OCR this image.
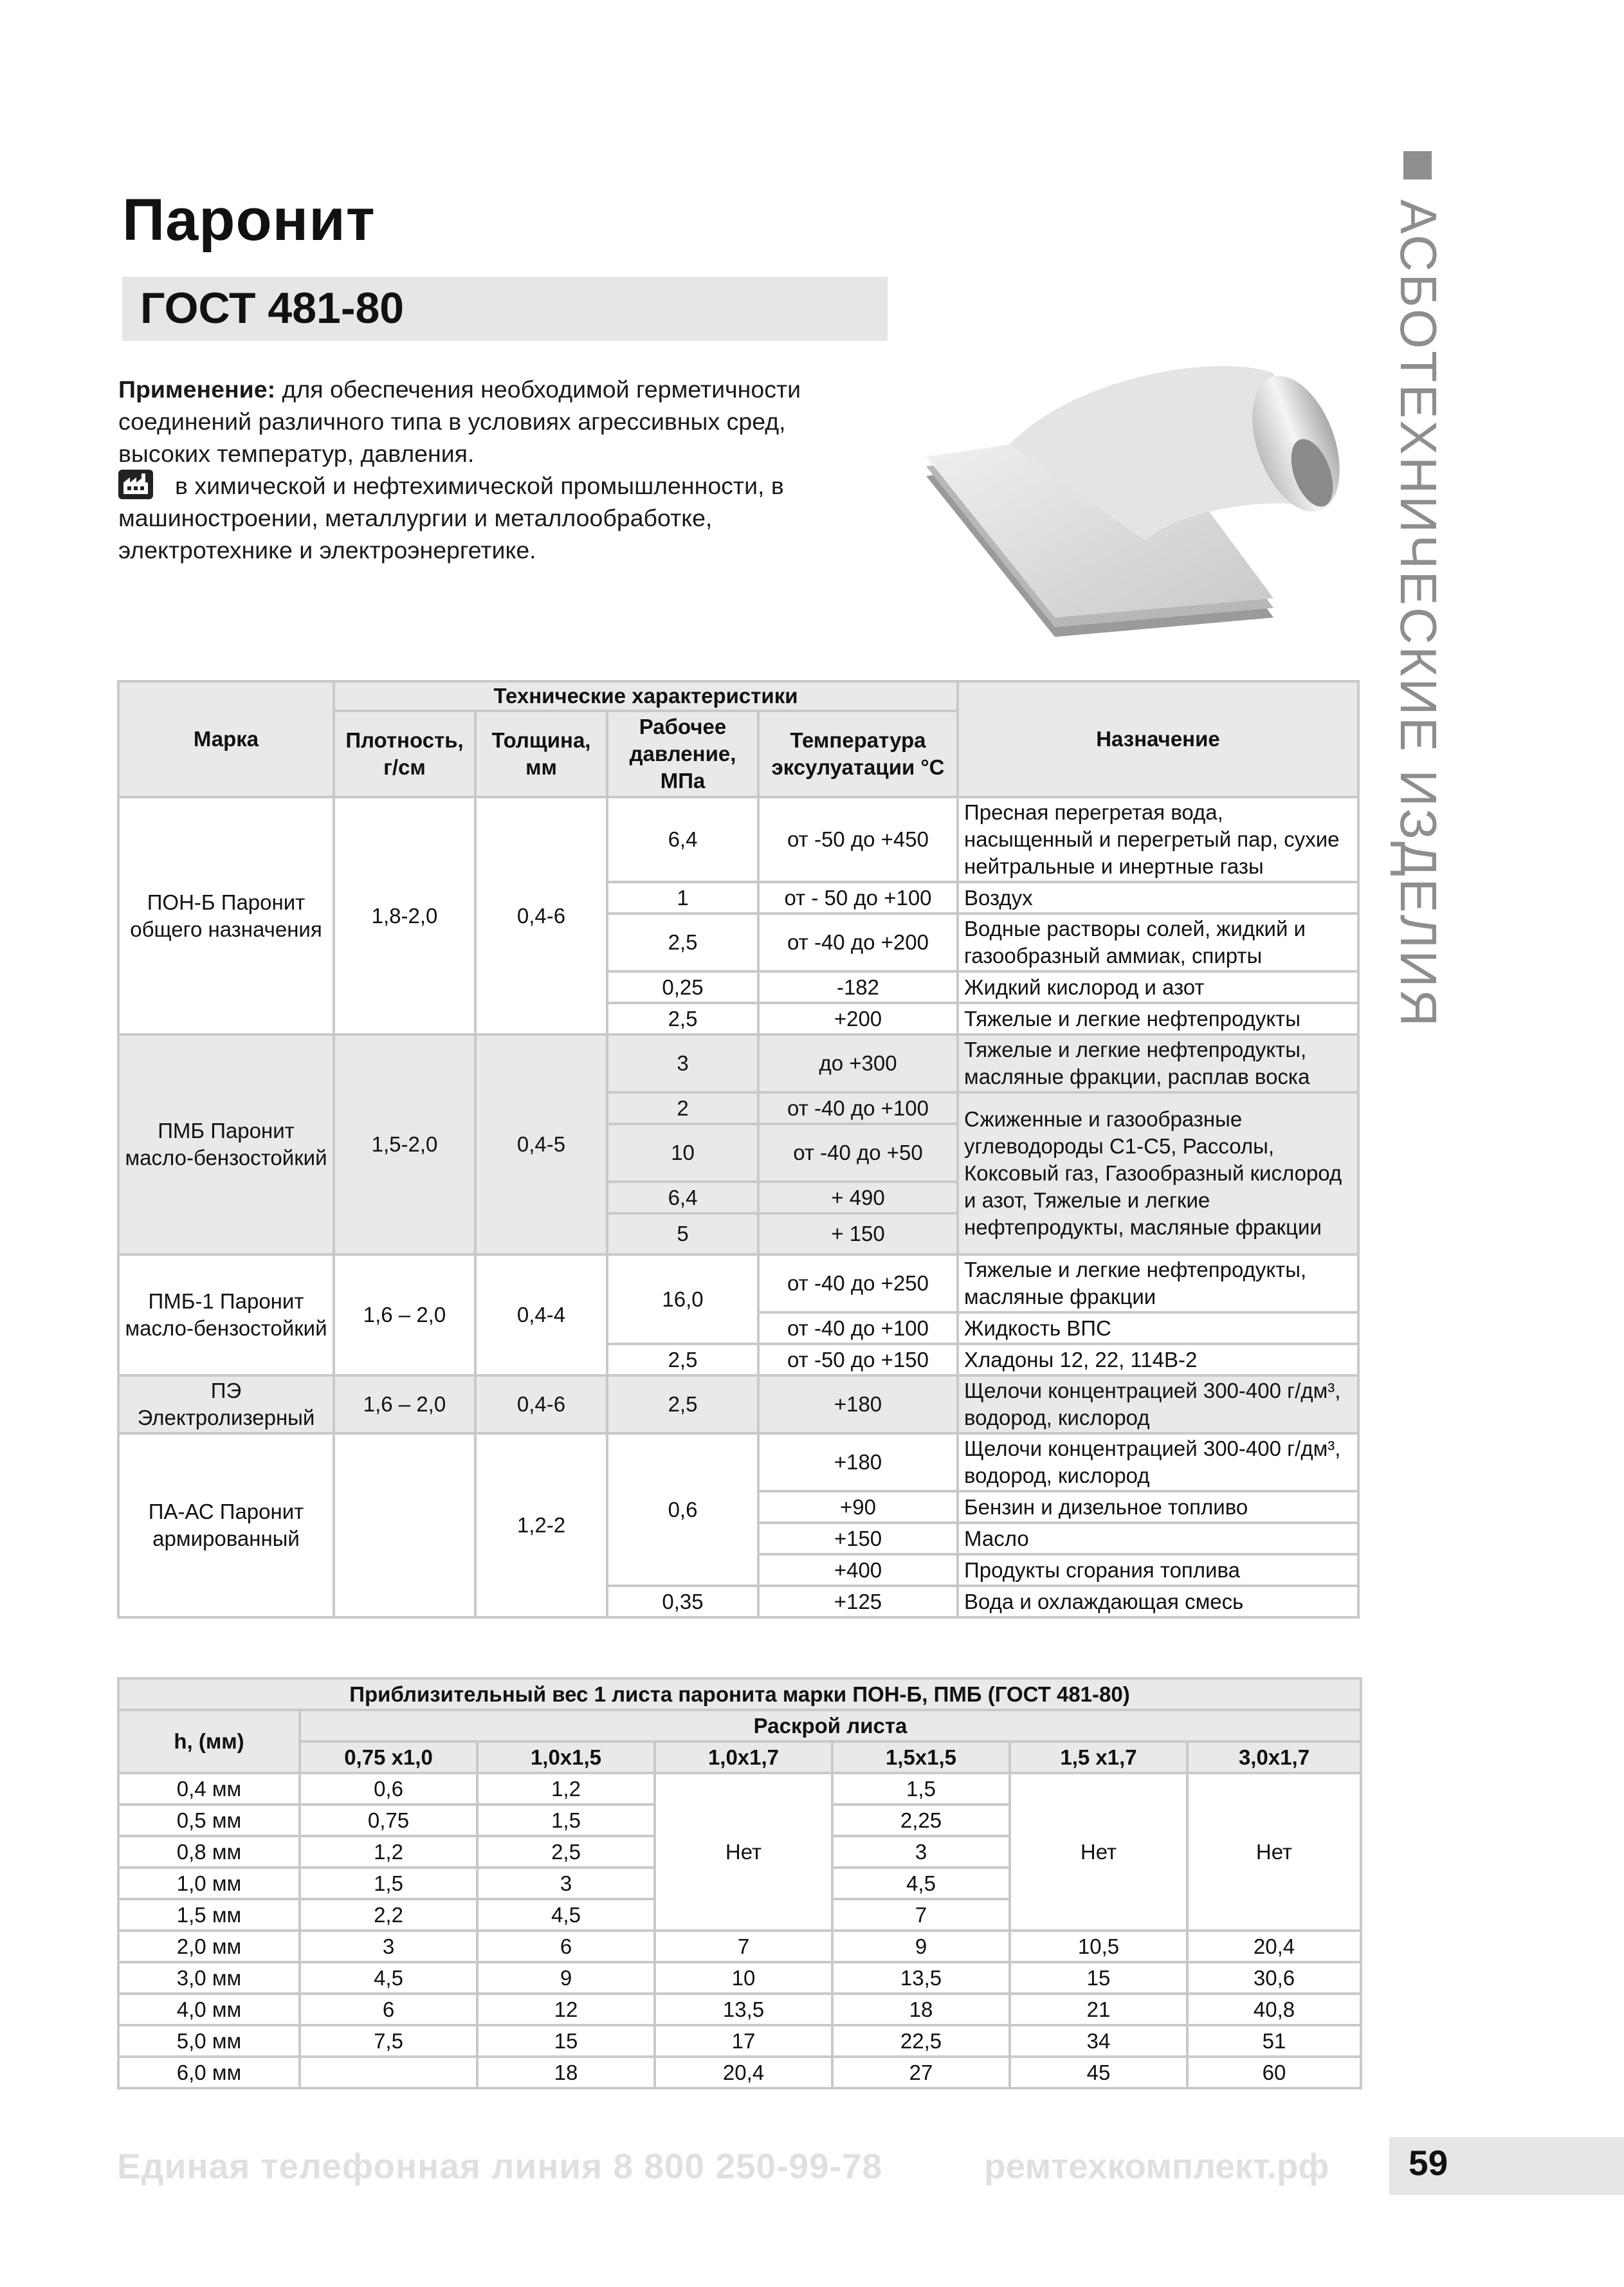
Паронит
ГОСТ 481-80
Применение: для обеспечения необходимой герметичности соединений различного типа в условиях агрессивных сред, высоких температур, давления.
в химической и нефтехимической промышленности, в машиностроении, металлургии и металлообработке, электротехнике и электроэнергетике.	АСБОТЕХНИЧЕСКИЕ ИЗДЕЛИЯ
Марка	Технические характеристики				Назначение
	Плотность, г/см	Толщина, мм	Рабочее давление, МПа	Температура эксулуатации °С	
ПОН-Б Паронит общего назначения	1,8-2,0	0,4-6	6,4	от -50 до +450	Пресная перегретая вода, насыщенный и перегретый пар, сухие нейтральные и инертные газы
			1	от - 50 до +100	Воздух
			2,5	от -40 до +200	Водные растворы солей, жидкий и газообразный аммиак, спирты
			0,25	-182	Жидкий кислород и азот
			2,5	+200	Тяжелые и легкие нефтепродукты
ПМБ Паронит масло-бензостойкий	1,5-2,0	0,4-5	3	до +300	Тяжелые и легкие нефтепродукты, масляные фракции, расплав воска
			2	от -40 до +100	Сжиженные и газообразные углеводороды С1-С5, Рассолы, Коксовый газ, Газообразный кислород и азот, Тяжелые и легкие нефтепродукты, масляные фракции
			10	от -40 до +50	
			6,4	+ 490	
			5	+ 150	
ПМБ-1 Паронит масло-бензостойкий	1,6 – 2,0	0,4-4	16,0	от -40 до +250	Тяжелые и легкие нефтепродукты, масляные фракции
				от -40 до +100	Жидкость ВПС
			2,5	от -50 до +150	Хладоны 12, 22, 114В-2
ПЭ Электролизерный	1,6 – 2,0	0,4-6	2,5	+180	Щелочи концентрацией 300-400 г/дм³, водород, кислород
ПА-АС Паронит армированный		1,2-2	0,6	+180	Щелочи концентрацией 300-400 г/дм³, водород, кислород
				+90	Бензин и дизельное топливо
				+150	Масло
				+400	Продукты сгорания топлива
			0,35	+125	Вода и охлаждающая смесь
Приблизительный вес 1 листа паронита марки ПОН-Б, ПМБ (ГОСТ 481-80)						
h, (мм)	Раскрой листа					
	0,75 x1,0	1,0x1,5	1,0x1,7	1,5x1,5	1,5 x1,7	3,0x1,7
0,4 мм	0,6	1,2	Нет	1,5	Нет	Нет
0,5 мм	0,75	1,5		2,25		
0,8 мм	1,2	2,5		3		
1,0 мм	1,5	3		4,5		
1,5 мм	2,2	4,5		7		
2,0 мм	3	6	7	9	10,5	20,4
3,0 мм	4,5	9	10	13,5	15	30,6
4,0 мм	6	12	13,5	18	21	40,8
5,0 мм	7,5	15	17	22,5	34	51
6,0 мм		18	20,4	27	45	60
Единая телефонная линия 8 800 250-99-78	ремтехкомплект.рф 59
